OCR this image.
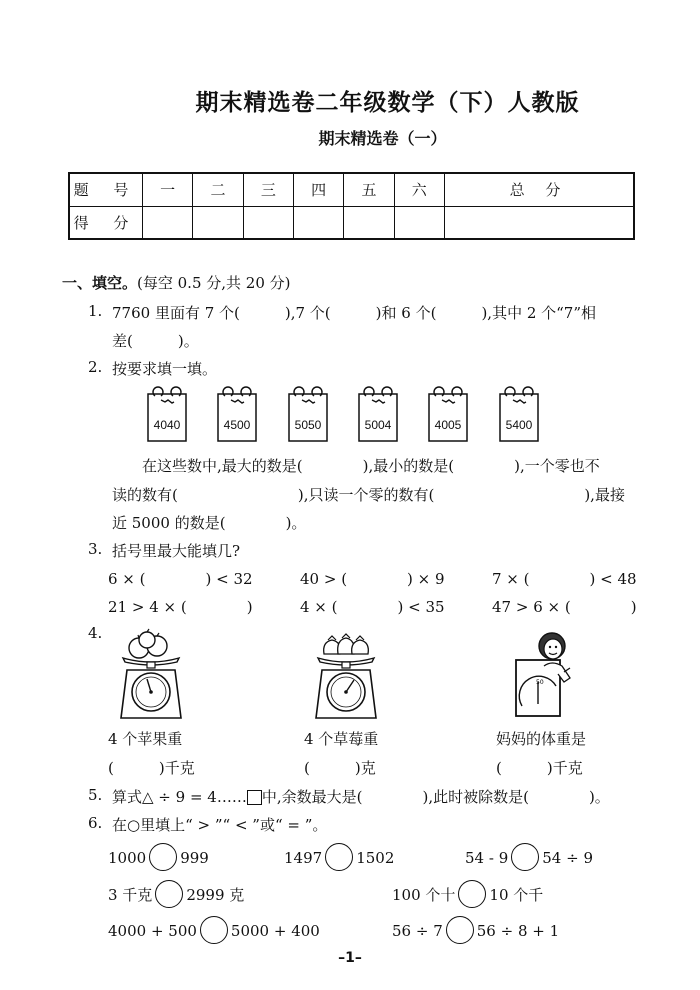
期末精选卷二年级数学（下）人教版
期末精选卷（一）
题 号	一	二	三	四	五	六	总 分
得 分							
一、填空。(每空 0.5 分,共 20 分)
1. 7760 里面有 7 个(　　　),7 个(　　　)和 6 个(　　　),其中 2 个“7”相
差(　　　)。
2. 按要求填一填。
4040	4500	5050	5004	4005	5400
在这些数中,最大的数是(　　　　),最小的数是(　　　　),一个零也不
读的数有(　　　　　　　　),只读一个零的数有(　　　　　　　　　　),最接
近 5000 的数是(　　　　)。
3. 括号里最大能填几?
6 × (　　　　) < 32	40 > (　　　　) × 9	7 × (　　　　) < 48
21 > 4 × (　　　　)	4 × (　　　　) < 35	47 > 6 × (　　　　)
4.
50
4 个苹果重	4 个草莓重	妈妈的体重是
(　　　)千克	(　　　)克	(　　　)千克
5. 算式△ ÷ 9 = 4…… 中,余数最大是(　　　　),此时被除数是(　　　　)。
6. 在○里填上“ > ”“ < ”或“ = ”。
1000 999	1497 1502	54 - 9 54 ÷ 9
3 千克 2999 克	100 个十 10 个千
4000 + 500 5000 + 400	56 ÷ 7 56 ÷ 8 + 1
–1–
